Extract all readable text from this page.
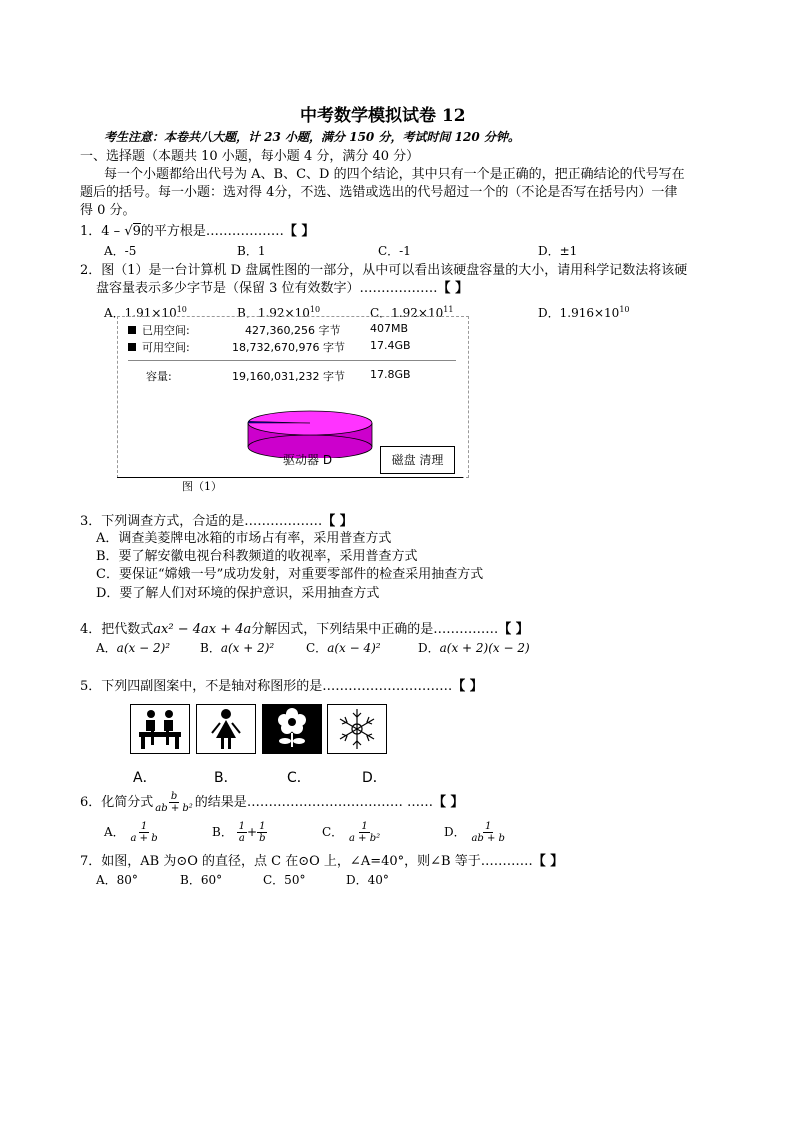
中考数学模拟试卷 12
考生注意：本卷共八大题，计 23 小题，满分 150 分，考试时间 120 分钟。
一、选择题（本题共 10 小题，每小题 4 分，满分 40 分）
每一个小题都给出代号为 A、B、C、D 的四个结论，其中只有一个是正确的，把正确结论的代号写在
题后的括号。每一小题：选对得 4分，不选、选错或选出的代号超过一个的（不论是否写在括号内）一律
得 0 分。
1．4 – √9的平方根是………………【 】
A．-5	B．1	C．-1	D．±1
2．图（1）是一台计算机 D 盘属性图的一部分，从中可以看出该硬盘容量的大小，请用科学记数法将该硬
盘容量表示多少字节是（保留 3 位有效数字）………………【 】
A．$1.91\times 10^{10}$	B．$1.92\times 10^{10}$	C．$1.92\times 10^{11}$	D．$1.916\times 10^{10}$
已用空间:	427,360,256 字节	407MB
可用空间:	18,732,670,976 字节 17.4GB
容量:	19,160,031,232 字节 17.8GB
驱动器 D	磁盘 清理
图（1）
3．下列调查方式，合适的是………………【 】
A．调查美菱牌电冰箱的市场占有率，采用普查方式
B．要了解安徽电视台科教频道的收视率，采用普查方式
C．要保证“嫦娥一号”成功发射，对重要零部件的检查采用抽查方式
D．要了解人们对环境的保护意识，采用抽查方式
4．把代数式ax² − 4ax + 4a分解因式，下列结果中正确的是……………【 】
A．a(x − 2)² B．a(x + 2)²	C．a(x − 4)²	D．a(x + 2)(x − 2)
5．下列四副图案中，不是轴对称图形的是…………………………【 】
A．	B．	C．	D．
6．化简分式 $\frac{b}{\text{ab + b²}}$ 的结果是……………………………… ……【 】
A． $\frac{1}{a + b}$	B． $\frac{1}{a} + \frac{1}{b}$	C． $\frac{1}{\text{a + b²}}$	D． $\frac{1}{ab + b}$
7．如图，AB 为⊙O 的直径，点 C 在⊙O 上，∠A=40°，则∠B 等于…………【 】
A．80°	B．60°	C．50°	D．40°
